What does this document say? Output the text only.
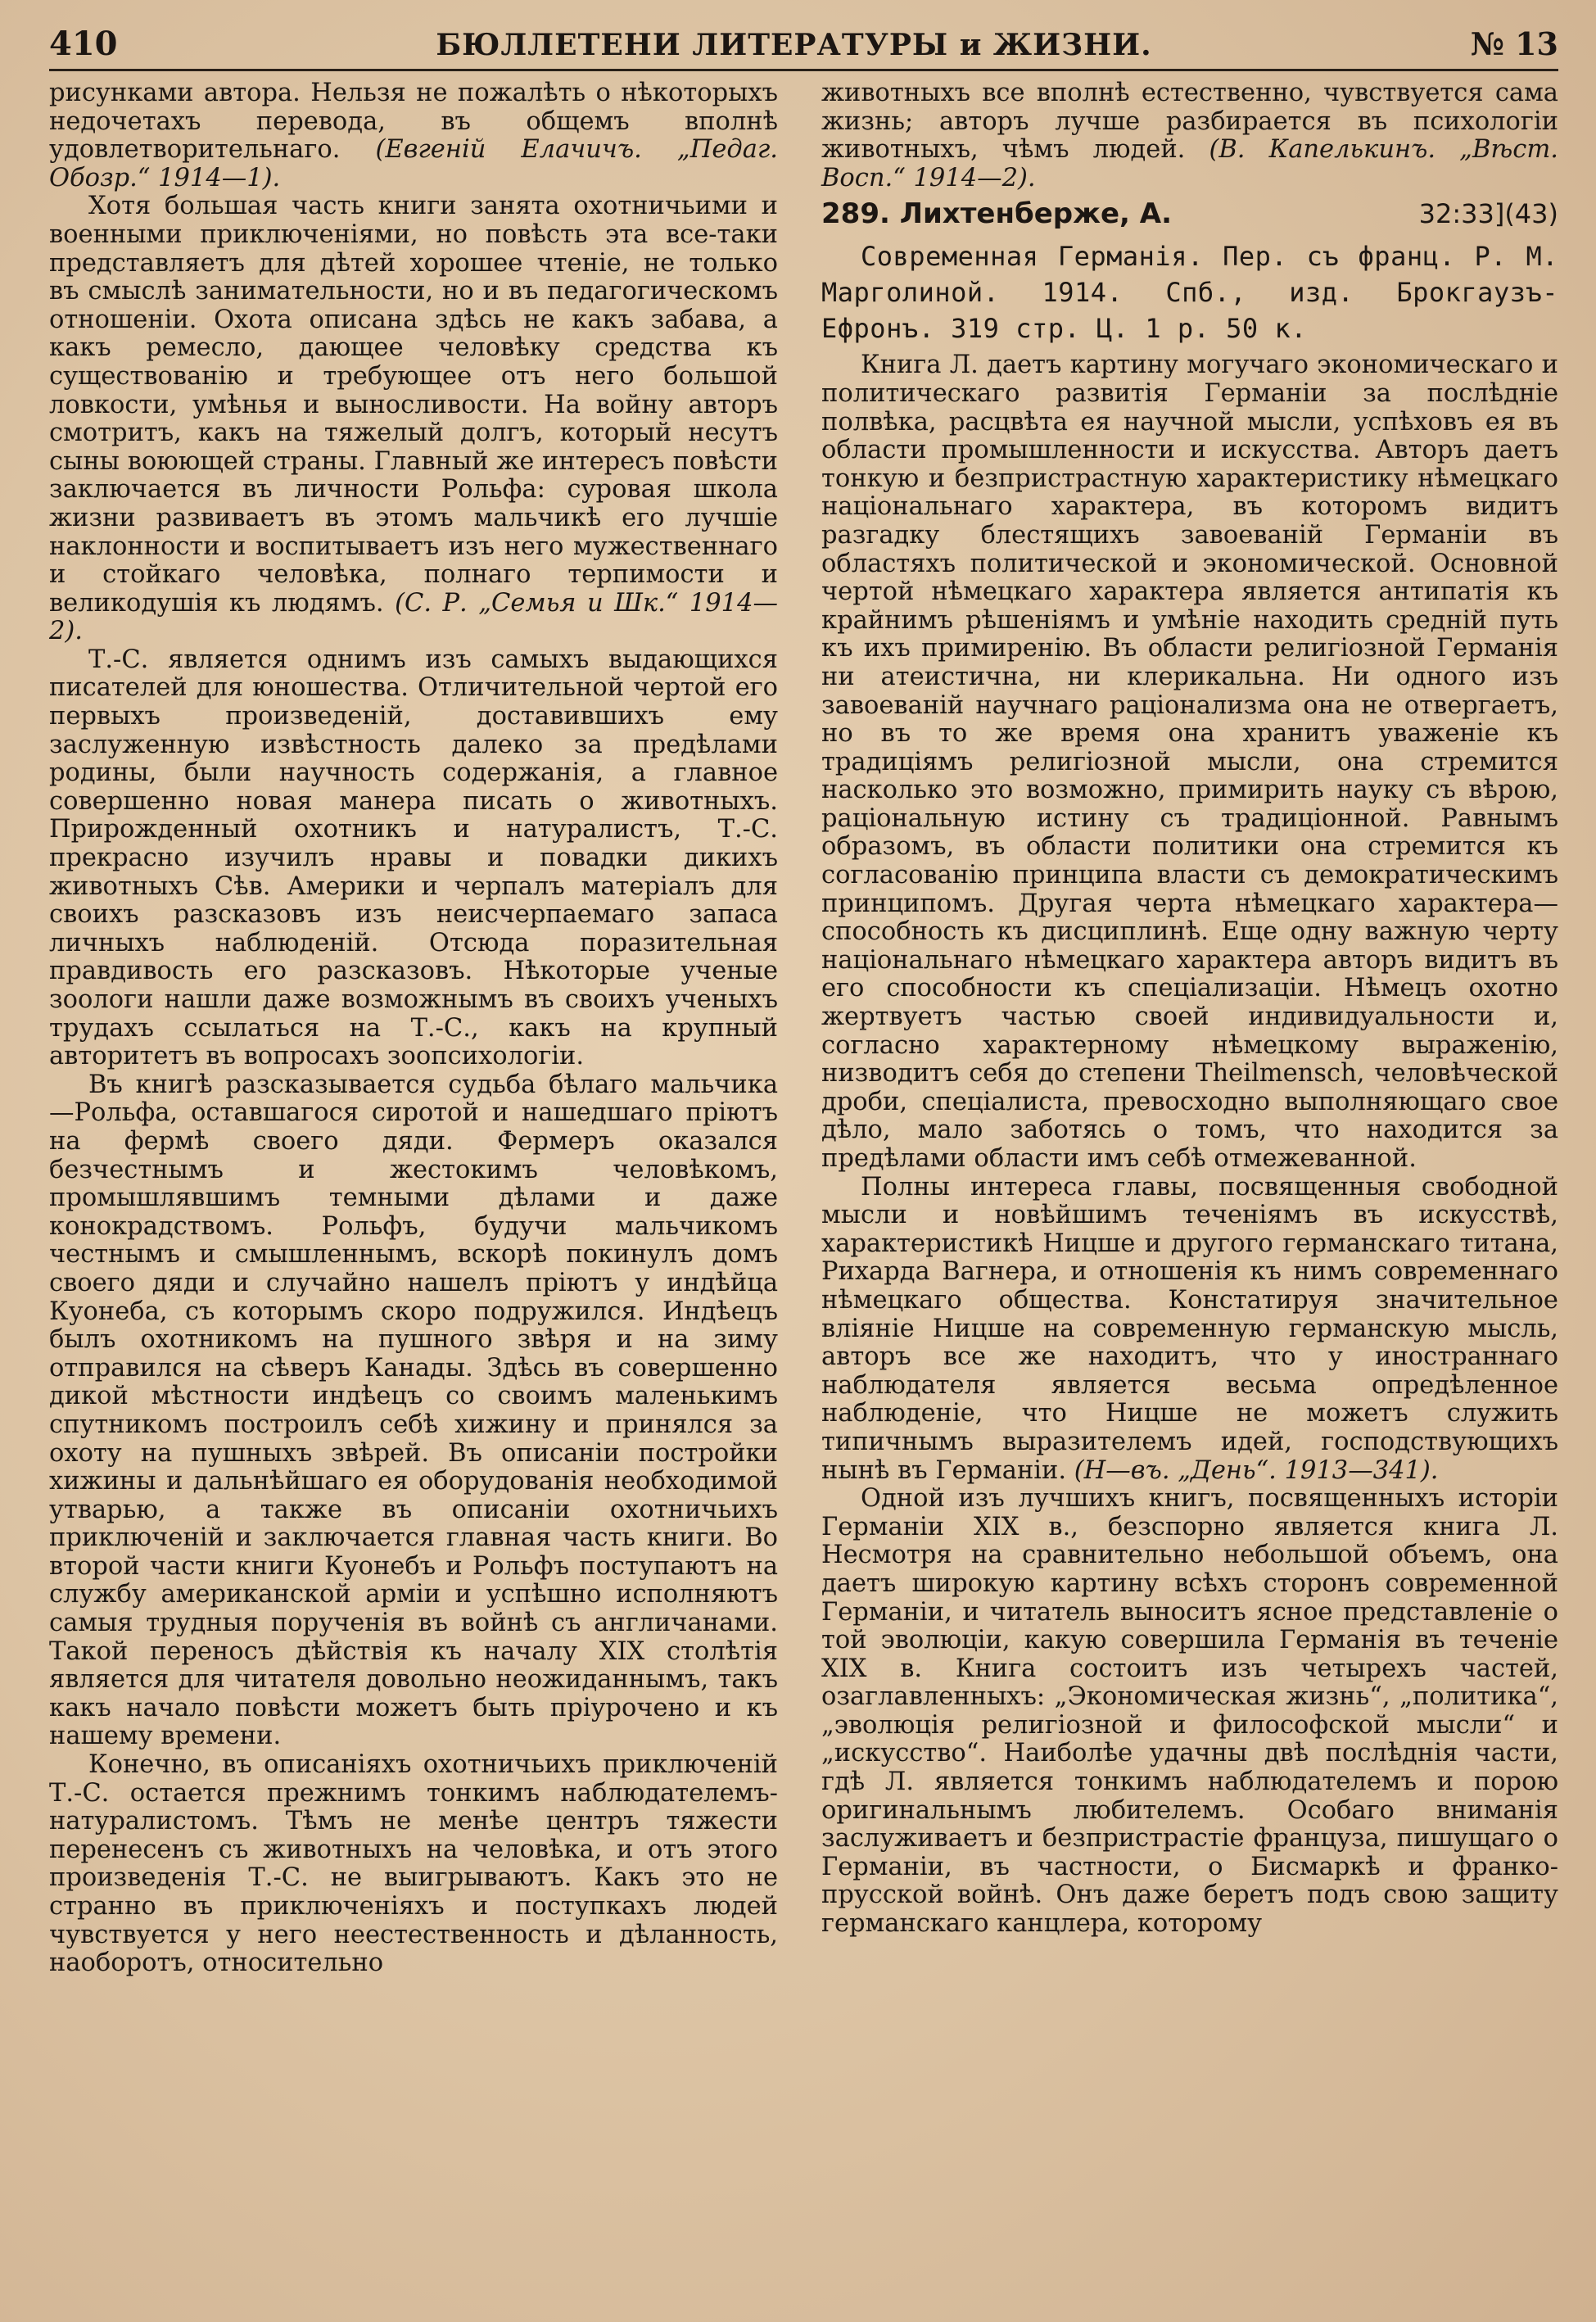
410	БЮЛЛЕТЕНИ ЛИТЕРАТУРЫ и ЖИЗНИ.	№ 13

рисунками автора. Нельзя не пожалѣть о нѣкоторыхъ недочетахъ перевода, въ общемъ вполнѣ удовлетворительнаго. (Евгеній Елачичъ. „Педаг. Обозр.“ 1914—1).

Хотя большая часть книги занята охотничьими и военными приключеніями, но повѣсть эта все-таки представляетъ для дѣтей хорошее чтеніе, не только въ смыслѣ занимательности, но и въ педагогическомъ отношеніи. Охота описана здѣсь не какъ забава, а какъ ремесло, дающее человѣку средства къ существованію и требующее отъ него большой ловкости, умѣнья и выносливости. На войну авторъ смотритъ, какъ на тяжелый долгъ, который несутъ сыны воюющей страны. Главный же интересъ повѣсти заключается въ личности Рольфа: суровая школа жизни развиваетъ въ этомъ мальчикѣ его лучшіе наклонности и воспитываетъ изъ него мужественнаго и стойкаго человѣка, полнаго терпимости и великодушія къ людямъ. (С. Р. „Семья и Шк.“ 1914—2).

Т.-С. является однимъ изъ самыхъ выдающихся писателей для юношества. Отличительной чертой его первыхъ произведеній, доставившихъ ему заслуженную извѣстность далеко за предѣлами родины, были научность содержанія, а главное совершенно новая манера писать о животныхъ. Прирожденный охотникъ и натуралистъ, Т.-С. прекрасно изучилъ нравы и повадки дикихъ животныхъ Сѣв. Америки и черпалъ матеріалъ для своихъ разсказовъ изъ неисчерпаемаго запаса личныхъ наблюденій. Отсюда поразительная правдивость его разсказовъ. Нѣкоторые ученые зоологи нашли даже возможнымъ въ своихъ ученыхъ трудахъ ссылаться на Т.-С., какъ на крупный авторитетъ въ вопросахъ зоопсихологіи.

Въ книгѣ разсказывается судьба бѣлаго мальчика—Рольфа, оставшагося сиротой и нашедшаго пріютъ на фермѣ своего дяди. Фермеръ оказался безчестнымъ и жестокимъ человѣкомъ, промышлявшимъ темными дѣлами и даже конокрадствомъ. Рольфъ, будучи мальчикомъ честнымъ и смышленнымъ, вскорѣ покинулъ домъ своего дяди и случайно нашелъ пріютъ у индѣйца Куонеба, съ которымъ скоро подружился. Индѣецъ былъ охотникомъ на пушного звѣря и на зиму отправился на сѣверъ Канады. Здѣсь въ совершенно дикой мѣстности индѣецъ со своимъ маленькимъ спутникомъ построилъ себѣ хижину и принялся за охоту на пушныхъ звѣрей. Въ описаніи постройки хижины и дальнѣйшаго ея оборудованія необходимой утварью, а также въ описаніи охотничьихъ приключеній и заключается главная часть книги. Во второй части книги Куонебъ и Рольфъ поступаютъ на службу американской арміи и успѣшно исполняютъ самыя трудныя порученія въ войнѣ съ англичанами. Такой переносъ дѣйствія къ началу XIX столѣтія является для читателя довольно неожиданнымъ, такъ какъ начало повѣсти можетъ быть пріурочено и къ нашему времени.

Конечно, въ описаніяхъ охотничьихъ приключеній Т.-С. остается прежнимъ тонкимъ наблюдателемъ-натуралистомъ. Тѣмъ не менѣе центръ тяжести перенесенъ съ животныхъ на человѣка, и отъ этого произведенія Т.-С. не выигрываютъ. Какъ это не странно въ приключеніяхъ и поступкахъ людей чувствуется у него неестественность и дѣланность, наоборотъ, относительно

животныхъ все вполнѣ естественно, чувствуется сама жизнь; авторъ лучше разбирается въ психологіи животныхъ, чѣмъ людей. (В. Капелькинъ. „Вѣст. Восп.“ 1914—2).

289. Лихтенберже, А.	32:33](43)
Современная Германія. Пер. съ франц. Р. М. Марголиной. 1914. Спб., изд. Брокгаузъ-Ефронъ. 319 стр. Ц. 1 р. 50 к.

Книга Л. даетъ картину могучаго экономическаго и политическаго развитія Германіи за послѣдніе полвѣка, расцвѣта ея научной мысли, успѣховъ ея въ области промышленности и искусства. Авторъ даетъ тонкую и безпристрастную характеристику нѣмецкаго національнаго характера, въ которомъ видитъ разгадку блестящихъ завоеваній Германіи въ областяхъ политической и экономической. Основной чертой нѣмецкаго характера является антипатія къ крайнимъ рѣшеніямъ и умѣніе находить средній путь къ ихъ примиренію. Въ области религіозной Германія ни атеистична, ни клерикальна. Ни одного изъ завоеваній научнаго раціонализма она не отвергаетъ, но въ то же время она хранитъ уваженіе къ традиціямъ религіозной мысли, она стремится насколько это возможно, примирить науку съ вѣрою, раціональную истину съ традиціонной. Равнымъ образомъ, въ области политики она стремится къ согласованію принципа власти съ демократическимъ принципомъ. Другая черта нѣмецкаго характера—способность къ дисциплинѣ. Еще одну важную черту національнаго нѣмецкаго характера авторъ видитъ въ его способности къ спеціализаціи. Нѣмецъ охотно жертвуетъ частью своей индивидуальности и, согласно характерному нѣмецкому выраженію, низводитъ себя до степени Theilmensch, человѣческой дроби, спеціалиста, превосходно выполняющаго свое дѣло, мало заботясь о томъ, что находится за предѣлами области имъ себѣ отмежеванной.

Полны интереса главы, посвященныя свободной мысли и новѣйшимъ теченіямъ въ искусствѣ, характеристикѣ Ницше и другого германскаго титана, Рихарда Вагнера, и отношенія къ нимъ современнаго нѣмецкаго общества. Констатируя значительное вліяніе Ницше на современную германскую мысль, авторъ все же находитъ, что у иностраннаго наблюдателя является весьма опредѣленное наблюденіе, что Ницше не можетъ служить типичнымъ выразителемъ идей, господствующихъ нынѣ въ Германіи. (Н—въ. „День“. 1913—341).

Одной изъ лучшихъ книгъ, посвященныхъ исторіи Германіи XIX в., безспорно является книга Л. Несмотря на сравнительно небольшой объемъ, она даетъ широкую картину всѣхъ сторонъ современной Германіи, и читатель выноситъ ясное представленіе о той эволюціи, какую совершила Германія въ теченіе XIX в. Книга состоитъ изъ четырехъ частей, озаглавленныхъ: „Экономическая жизнь“, „политика“, „эволюція религіозной и философской мысли“ и „искусство“. Наиболѣе удачны двѣ послѣднія части, гдѣ Л. является тонкимъ наблюдателемъ и порою оригинальнымъ любителемъ. Особаго вниманія заслуживаетъ и безпристрастіе француза, пишущаго о Германіи, въ частности, о Бисмаркѣ и франко-прусской войнѣ. Онъ даже беретъ подъ свою защиту германскаго канцлера, которому
